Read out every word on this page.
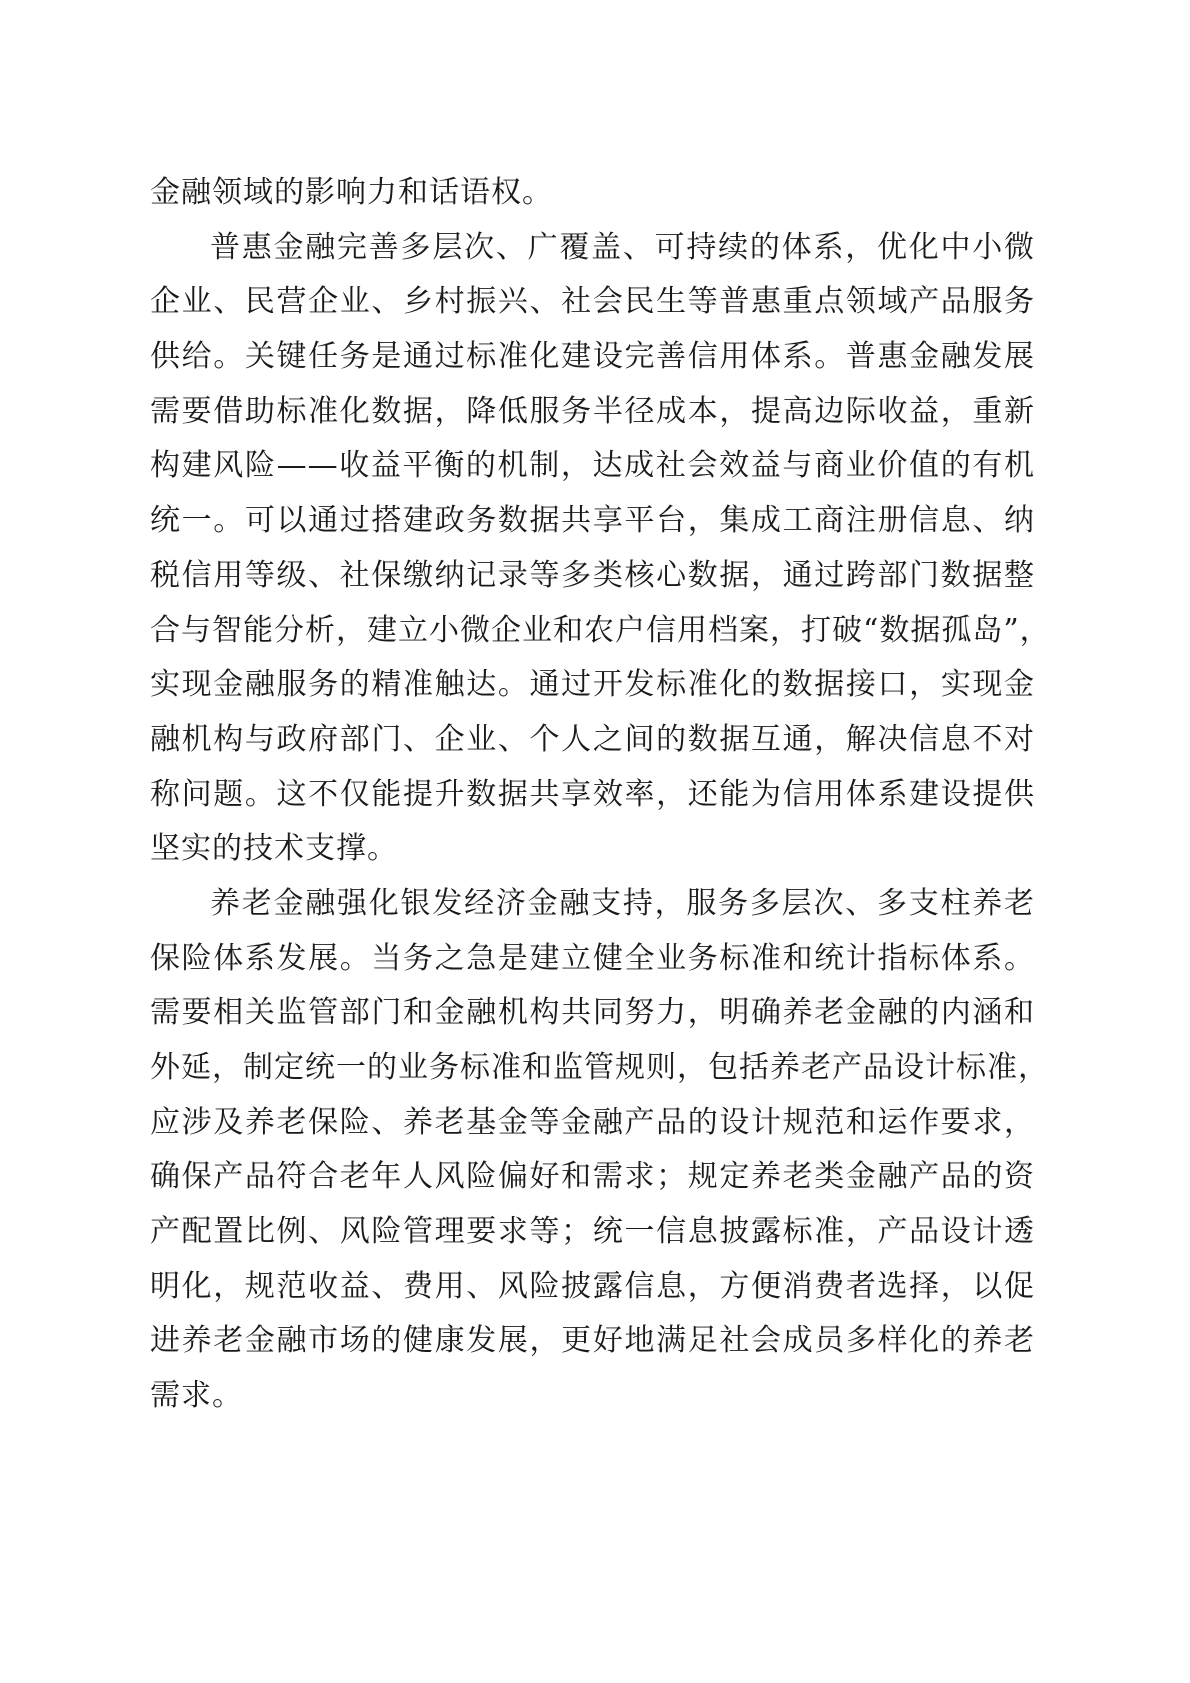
金融领域的影响力和话语权。
普惠金融完善多层次、广覆盖、可持续的体系，优化中小微
企业、民营企业、乡村振兴、社会民生等普惠重点领域产品服务
供给。关键任务是通过标准化建设完善信用体系。普惠金融发展
需要借助标准化数据，降低服务半径成本，提高边际收益，重新
构建风险——收益平衡的机制，达成社会效益与商业价值的有机
统一。可以通过搭建政务数据共享平台，集成工商注册信息、纳
税信用等级、社保缴纳记录等多类核心数据，通过跨部门数据整
合与智能分析，建立小微企业和农户信用档案，打破“数据孤岛”，
实现金融服务的精准触达。通过开发标准化的数据接口，实现金
融机构与政府部门、企业、个人之间的数据互通，解决信息不对
称问题。这不仅能提升数据共享效率，还能为信用体系建设提供
坚实的技术支撑。
养老金融强化银发经济金融支持，服务多层次、多支柱养老
保险体系发展。当务之急是建立健全业务标准和统计指标体系。
需要相关监管部门和金融机构共同努力，明确养老金融的内涵和
外延，制定统一的业务标准和监管规则，包括养老产品设计标准，
应涉及养老保险、养老基金等金融产品的设计规范和运作要求，
确保产品符合老年人风险偏好和需求；规定养老类金融产品的资
产配置比例、风险管理要求等；统一信息披露标准，产品设计透
明化，规范收益、费用、风险披露信息，方便消费者选择，以促
进养老金融市场的健康发展，更好地满足社会成员多样化的养老
需求。
